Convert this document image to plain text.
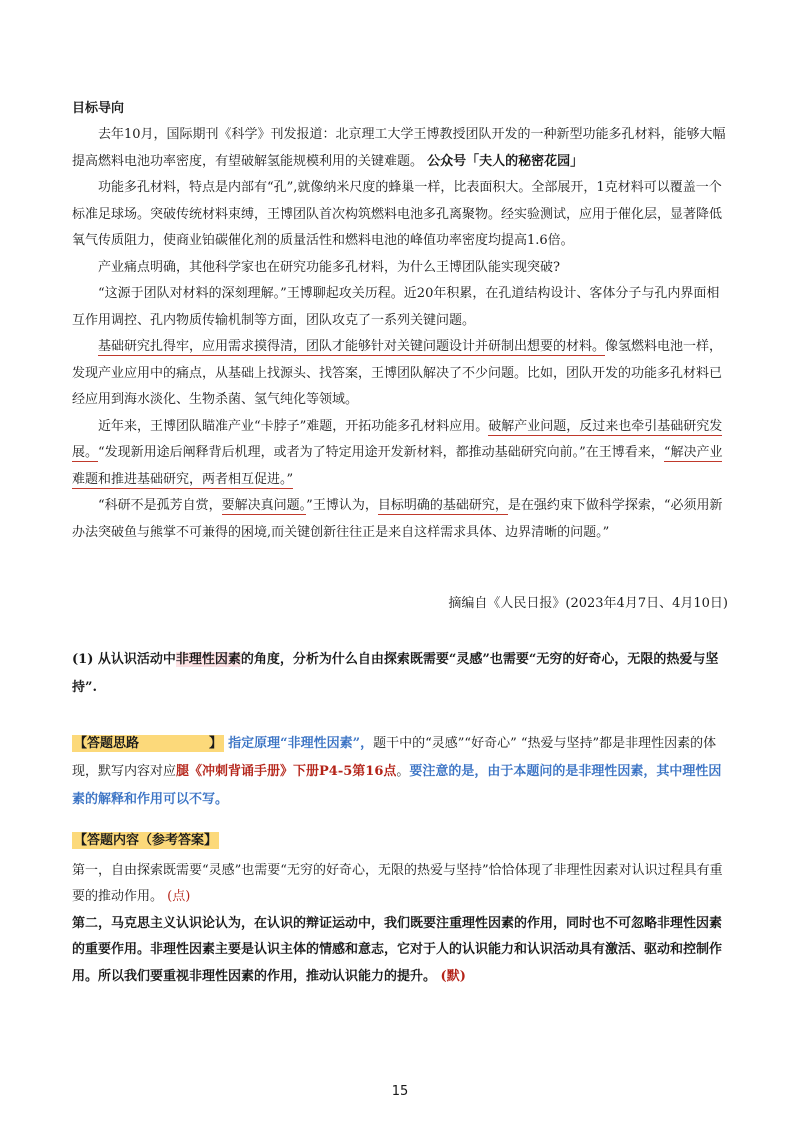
目标导向

去年10月，国际期刊《科学》刊发报道：北京理工大学王博教授团队开发的一种新型功能多孔材料，能够大幅提高燃料电池功率密度，有望破解氢能规模利用的关键难题。 公众号「夫人的秘密花园」

功能多孔材料，特点是内部有“孔”,就像纳米尺度的蜂巢一样，比表面积大。全部展开，1克材料可以覆盖一个标准足球场。突破传统材料束缚，王博团队首次构筑燃料电池多孔离聚物。经实验测试，应用于催化层，显著降低氧气传质阻力，使商业铂碳催化剂的质量活性和燃料电池的峰值功率密度均提高1.6倍。

产业痛点明确，其他科学家也在研究功能多孔材料，为什么王博团队能实现突破?

“这源于团队对材料的深刻理解。”王博聊起攻关历程。近20年积累，在孔道结构设计、客体分子与孔内界面相互作用调控、孔内物质传输机制等方面，团队攻克了一系列关键问题。

基础研究扎得牢，应用需求摸得清，团队才能够针对关键问题设计并研制出想要的材料。像氢燃料电池一样，发现产业应用中的痛点，从基础上找源头、找答案，王博团队解决了不少问题。比如，团队开发的功能多孔材料已经应用到海水淡化、生物杀菌、氢气纯化等领域。

近年来，王博团队瞄准产业“卡脖子”难题，开拓功能多孔材料应用。破解产业问题，反过来也牵引基础研究发展。“发现新用途后阐释背后机理，或者为了特定用途开发新材料，都推动基础研究向前。”在王博看来，“解决产业难题和推进基础研究，两者相互促进。”

“科研不是孤芳自赏，要解决真问题。”王博认为，目标明确的基础研究，是在强约束下做科学探索，“必须用新办法突破鱼与熊掌不可兼得的困境,而关键创新往往正是来自这样需求具体、边界清晰的问题。”

摘编自《人民日报》(2023年4月7日、4月10日)
(1) 从认识活动中非理性因素的角度，分析为什么自由探索既需要“灵感”也需要“无穷的好奇心，无限的热爱与坚持”.
【答题思路	】 指定原理“非理性因素”，题干中的“灵感”“好奇心” “热爱与坚持”都是非理性因素的体现，默写内容对应腿《冲刺背诵手册》下册P4-5第16点。要注意的是，由于本题问的是非理性因素，其中理性因素的解释和作用可以不写。

【答题内容（参考答案】

第一，自由探索既需要“灵感”也需要“无穷的好奇心，无限的热爱与坚持”恰恰体现了非理性因素对认识过程具有重要的推动作用。 (点)

第二，马克思主义认识论认为，在认识的辩证运动中，我们既要注重理性因素的作用，同时也不可忽略非理性因素的重要作用。非理性因素主要是认识主体的情感和意志，它对于人的认识能力和认识活动具有激活、驱动和控制作用。所以我们要重视非理性因素的作用，推动认识能力的提升。 (默)

15
